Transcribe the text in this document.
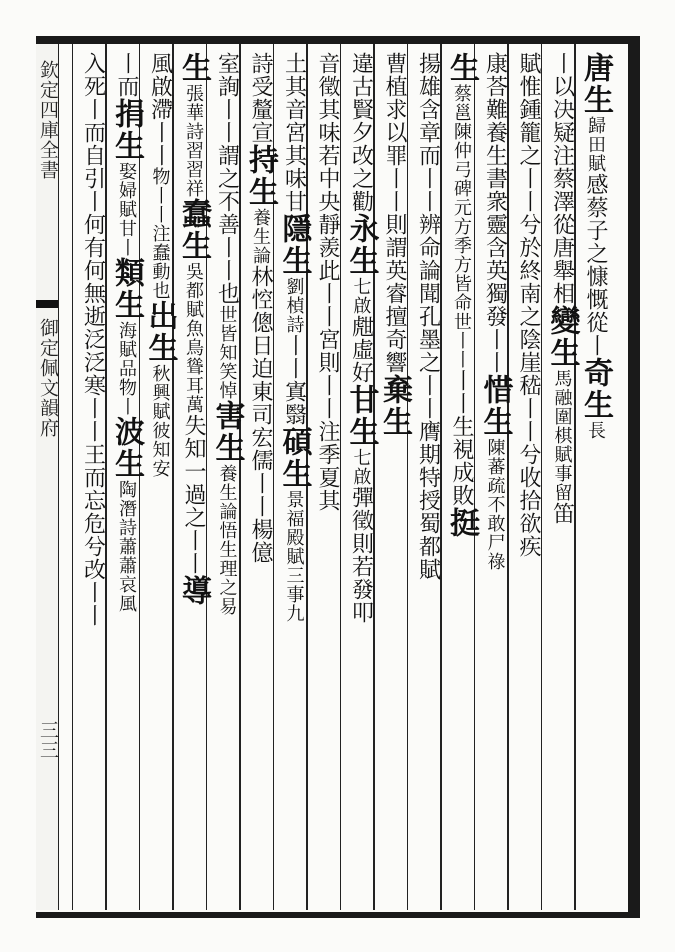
欽定四庫全書
御定佩文韻府
三三
唐生歸田賦感蔡子之慷慨從丨奇生長
丨以决疑注蔡澤從唐舉相變生馬融圍棋賦事留笛
賦惟鍾籠之丨丨兮於終南之陰崖嵇丨丨兮收拾欲疾
康荅難養生書衆靈含英獨發丨丨惜生陳蕃疏不敢尸祿
生蔡邕陳仲弓碑元方季方皆命世丨丨丨丨生視成敗挺
揚雄含章而丨丨辨命論聞孔墨之丨丨膺期特授蜀都賦
曹植求以罪丨丨則謂英睿擅奇響棄生
違古賢夕改之勸永生七啟甝虛好甘生七啟彈徵則若發叩
音徵其味若中央靜羨此丨丨宮則丨丨注季夏其
土其音宮其味甘隱生劉楨詩丨丨寘翳碩生景福殿賦三事九
詩受釐宣持生養生論林悾傯日迫東司宏儒丨丨楊億
室詢丨丨謂之不善丨丨也世皆知笑悼害生養生論悟生理之易
生張華詩習習祥蠢生吳都賦魚鳥聳耳萬失知一過之丨丨導
風啟滯丨丨物丨丨注蠢動也出生秋興賦彼知安
丨而捐生娶婦賦甘丨類生海賦品物丨波生陶潛詩蕭蕭哀風
入死丨而自引丨何有何無逝泛泛寒丨丨王而忘危兮改丨丨
